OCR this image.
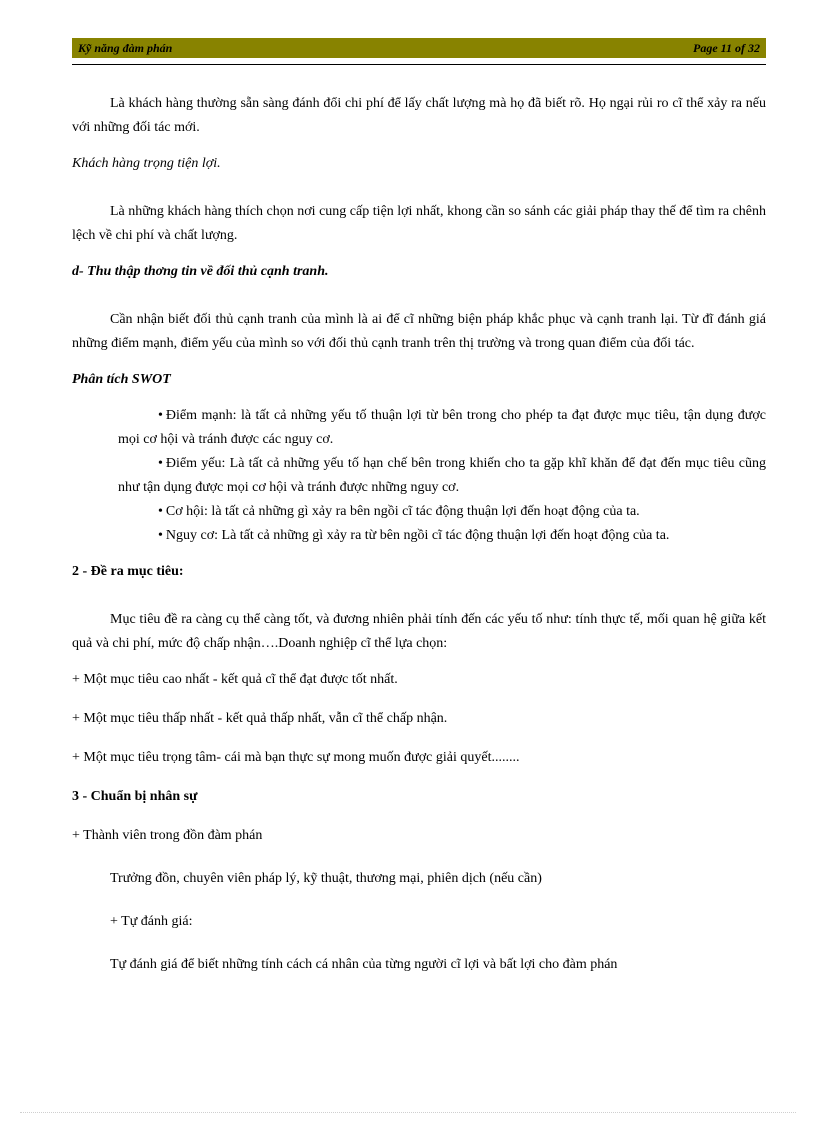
Kỹ năng đàm phán	Page 11 of 32

Là khách hàng thường sẵn sàng đánh đổi chi phí để lấy chất lượng mà họ đã biết rõ. Họ ngại rủi ro cĩ thể xảy ra nếu với những đối tác mới.

Khách hàng trọng tiện lợi.

Là những khách hàng thích chọn nơi cung cấp tiện lợi nhất, khong cần so sánh các giải pháp thay thế để tìm ra chênh lệch về chi phí và chất lượng.

d- Thu thập thơng tin về đối thủ cạnh tranh.

Cần nhận biết đối thủ cạnh tranh của mình là ai để cĩ những biện pháp khắc phục và cạnh tranh lại. Từ đĩ đánh giá những điểm mạnh, điểm yếu của mình so với đối thủ cạnh tranh trên thị trường và trong quan điểm của đối tác.

Phân tích SWOT

• Điểm mạnh: là tất cả những yếu tố thuận lợi từ bên trong cho phép ta đạt được mục tiêu, tận dụng được mọi cơ hội và tránh được các nguy cơ.
• Điểm yếu: Là tất cả những yếu tố hạn chế bên trong khiến cho ta gặp khĩ khăn để đạt đến mục tiêu cũng như tận dụng được mọi cơ hội và tránh được những nguy cơ.
• Cơ hội: là tất cả những gì xảy ra bên ngồi cĩ tác động thuận lợi đến hoạt động của ta.
• Nguy cơ: Là tất cả những gì xảy ra từ bên ngồi cĩ tác động thuận lợi đến hoạt động của ta.

2 - Đề ra mục tiêu:

Mục tiêu đề ra càng cụ thể càng tốt, và đương nhiên phải tính đến các yếu tố như: tính thực tế, mối quan hệ giữa kết quả và chi phí, mức độ chấp nhận….Doanh nghiệp cĩ thể lựa chọn:

+ Một mục tiêu cao nhất - kết quả cĩ thể đạt được tốt nhất.

+ Một mục tiêu thấp nhất - kết quả thấp nhất, vẫn cĩ thể chấp nhận.

+ Một mục tiêu trọng tâm- cái mà bạn thực sự mong muốn được giải quyết........

3 - Chuẩn bị nhân sự

+ Thành viên trong đồn đàm phán

Trưởng đồn, chuyên viên pháp lý, kỹ thuật, thương mại, phiên dịch (nếu cần)

+ Tự đánh giá:

Tự đánh giá để biết những tính cách cá nhân của từng người cĩ lợi và bất lợi cho đàm phán
